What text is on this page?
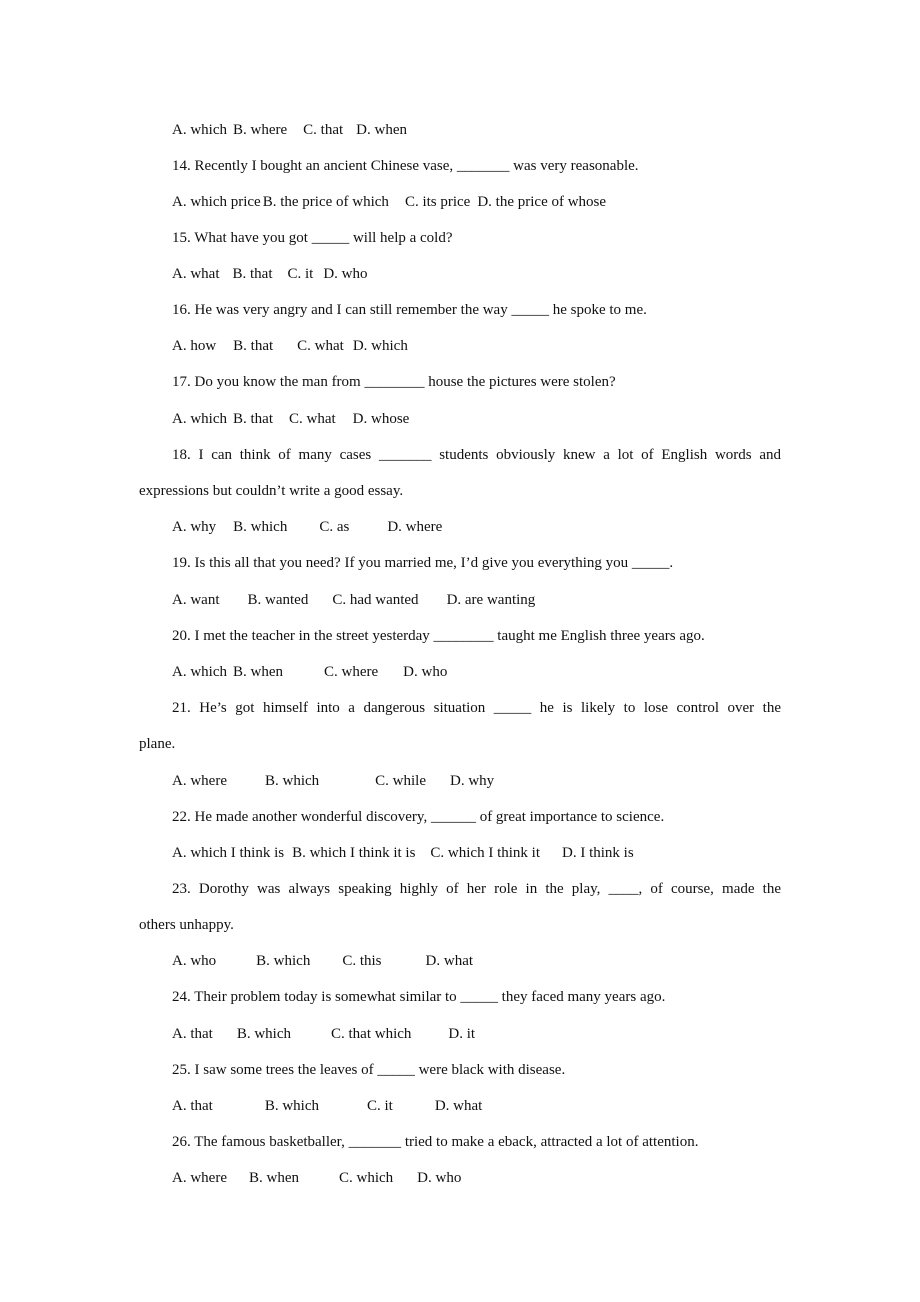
A. which B. where C. that D. when
14. Recently I bought an ancient Chinese vase, _______ was very reasonable.
A. which price B. the price of which C. its price D. the price of whose
15. What have you got _____ will help a cold?
A. what B. that C. it D. who
16. He was very angry and I can still remember the way _____ he spoke to me.
A. how B. that C. what D. which
17. Do you know the man from ________ house the pictures were stolen?
A. which B. that C. what D. whose
18. I can think of many cases _______ students obviously knew a lot of English words and
expressions but couldn’t write a good essay.
A. why B. which C. as	D. where
19. Is this all that you need? If you married me, I’d give you everything you _____.
A. want B. wanted C. had wanted D. are wanting
20. I met the teacher in the street yesterday ________ taught me English three years ago.
A. which B. when	C. where D. who
21. He’s got himself into a dangerous situation _____ he is likely to lose control over the
plane.
A. where	B. which	C. while D. why
22. He made another wonderful discovery, ______ of great importance to science.
A. which I think is B. which I think it is C. which I think it D. I think is
23. Dorothy was always speaking highly of her role in the play, ____, of course, made the
others unhappy.
A. who	B. which C. this	D. what
24. Their problem today is somewhat similar to _____ they faced many years ago.
A. that B. which	C. that which D. it
25. I saw some trees the leaves of _____ were black with disease.
A. that	B. which	C. it	D. what
26. The famous basketballer, _______ tried to make a eback, attracted a lot of attention.
A. where B. when	C. which D. who
